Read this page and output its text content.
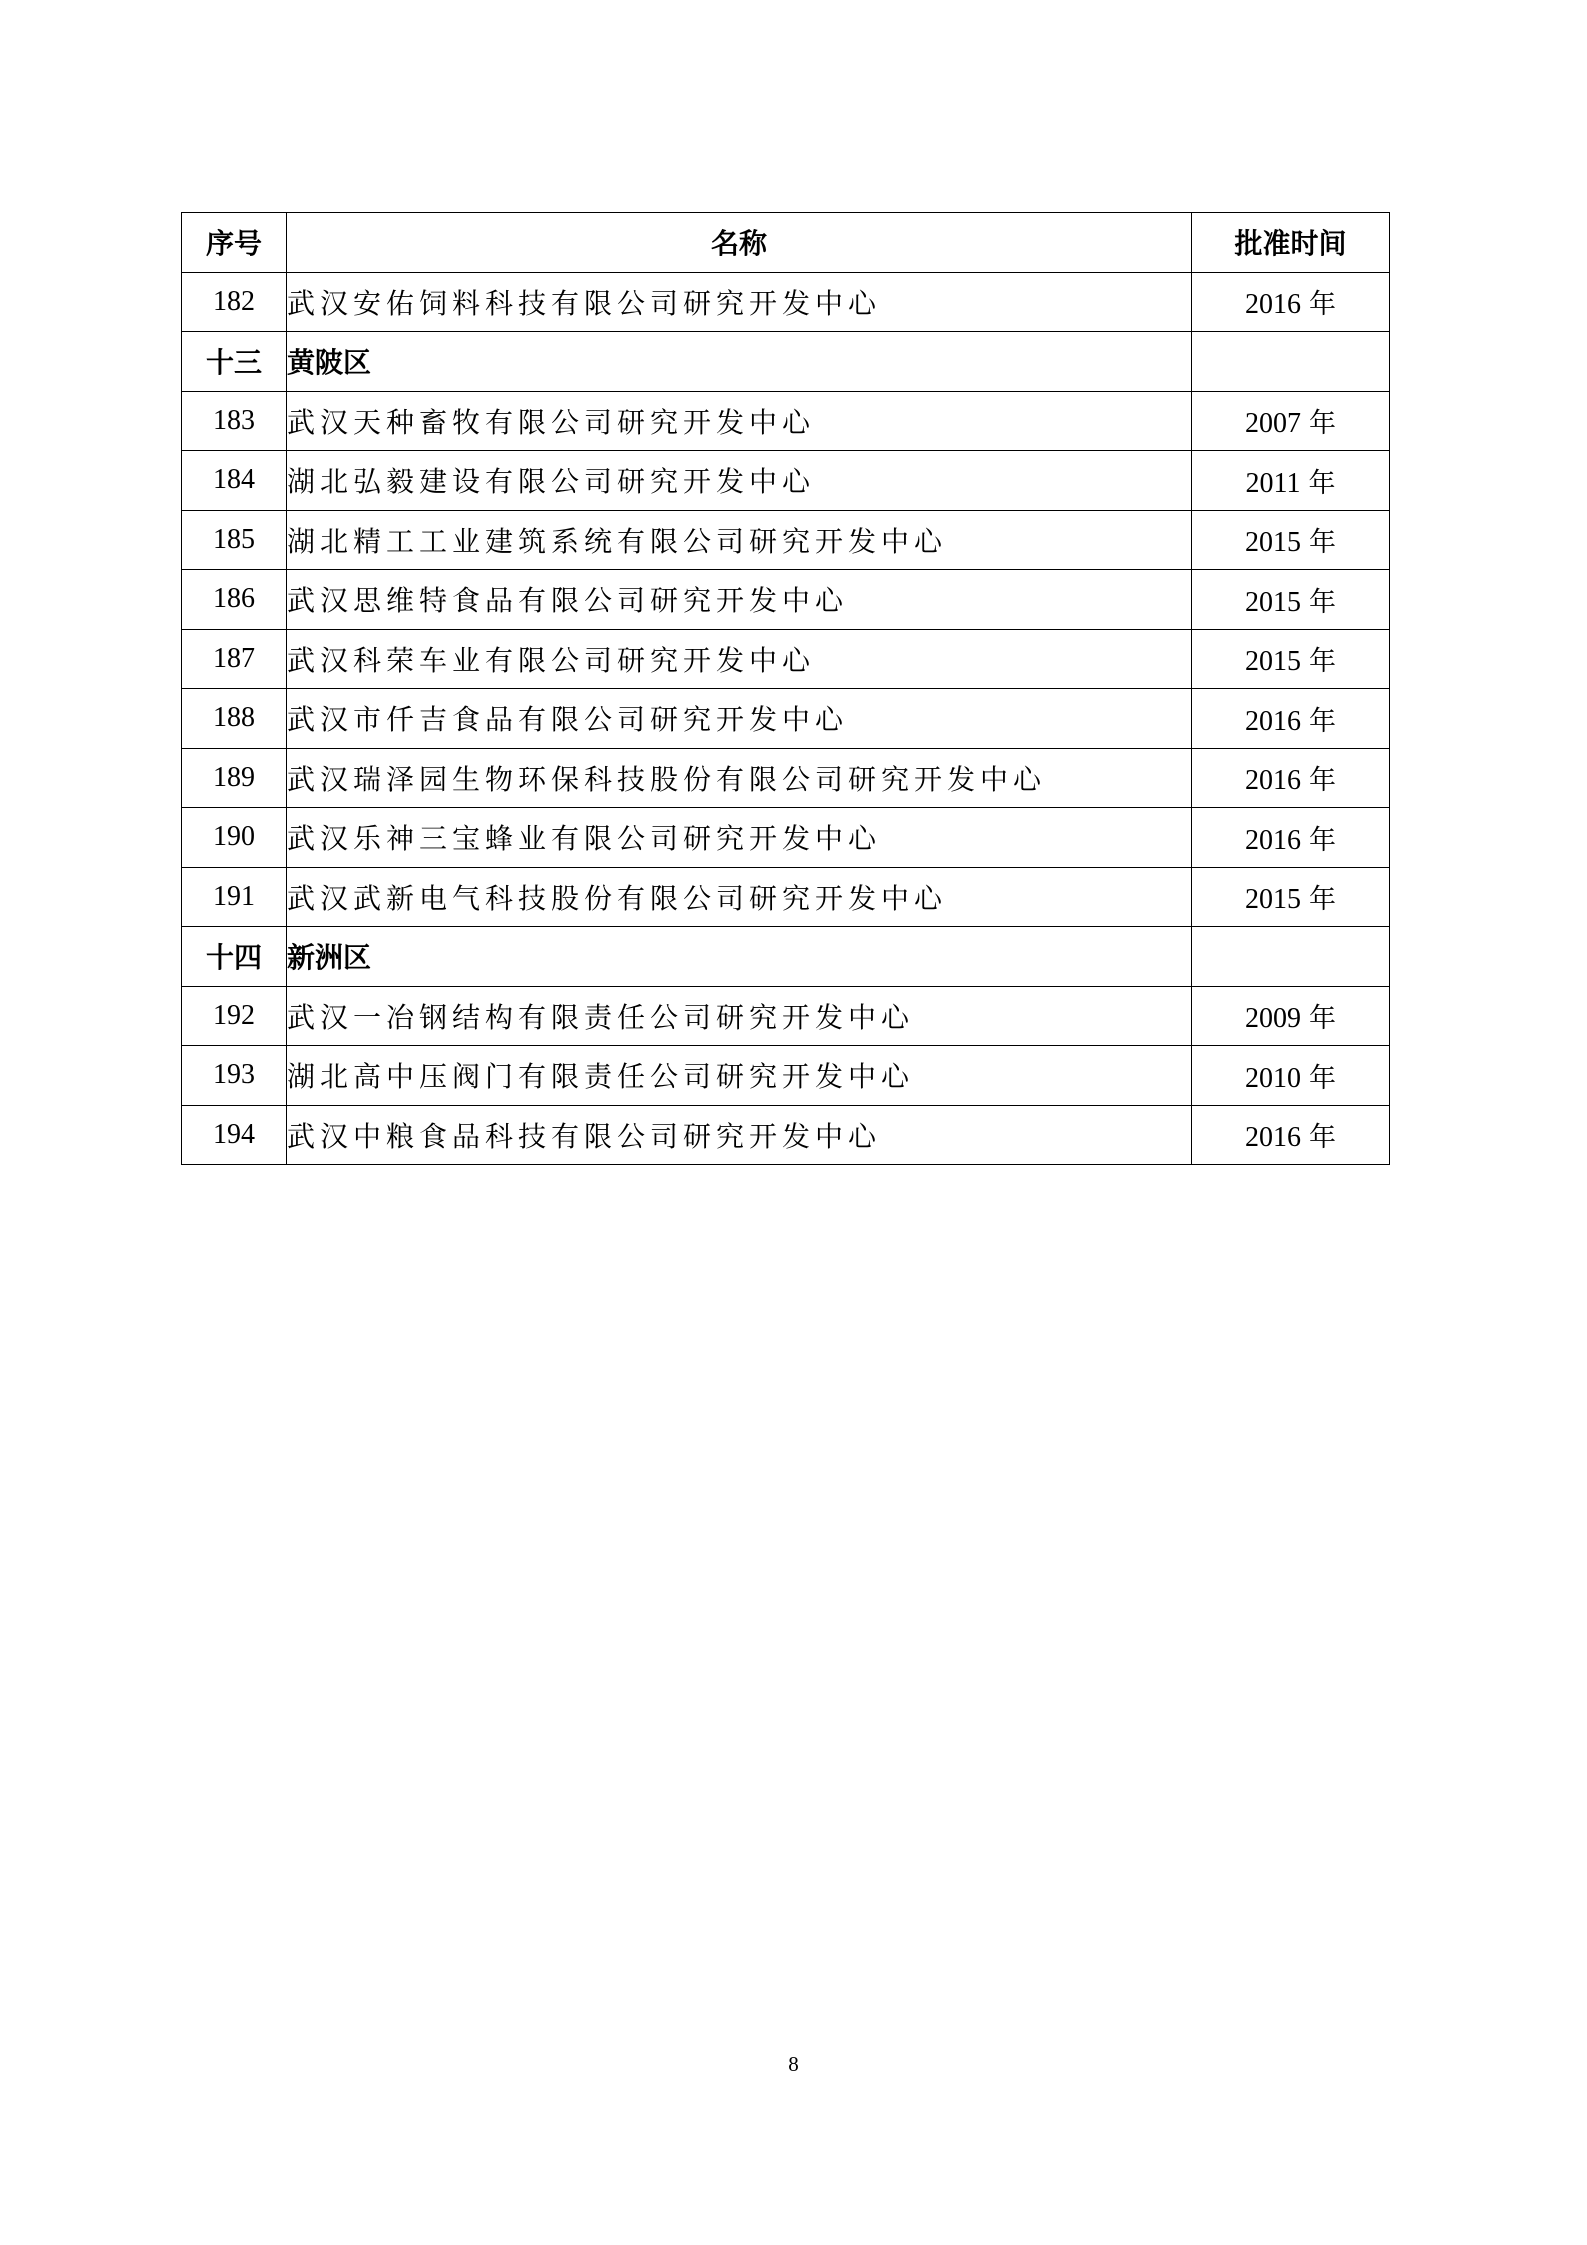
序号	名称	批准时间
182	武汉安佑饲料科技有限公司研究开发中心	2016 年
十三	黄陂区	
183	武汉天种畜牧有限公司研究开发中心	2007 年
184	湖北弘毅建设有限公司研究开发中心	2011 年
185	湖北精工工业建筑系统有限公司研究开发中心	2015 年
186	武汉思维特食品有限公司研究开发中心	2015 年
187	武汉科荣车业有限公司研究开发中心	2015 年
188	武汉市仟吉食品有限公司研究开发中心	2016 年
189	武汉瑞泽园生物环保科技股份有限公司研究开发中心	2016 年
190	武汉乐神三宝蜂业有限公司研究开发中心	2016 年
191	武汉武新电气科技股份有限公司研究开发中心	2015 年
十四	新洲区	
192	武汉一冶钢结构有限责任公司研究开发中心	2009 年
193	湖北高中压阀门有限责任公司研究开发中心	2010 年
194	武汉中粮食品科技有限公司研究开发中心	2016 年
8
